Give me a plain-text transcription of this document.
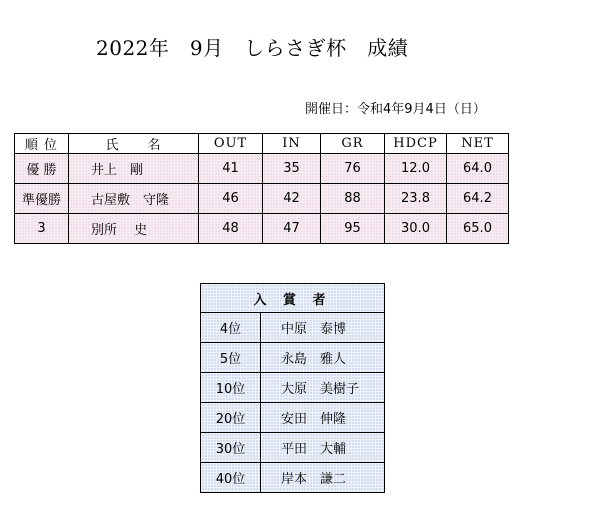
2022年　9月　しらさぎ杯　成績
開催日：令和4年9月4日（日）
順 位	氏　　名	OUT	IN	GR	HDCP	NET
優 勝	井上　剛	41	35	76	12.0	64.0
準優勝	古屋敷　守隆	46	42	88	23.8	64.2
3	別所　 史	48	47	95	30.0	65.0
入 賞 者	
4位	中原　泰博
5位	永島　雅人
10位	大原　美樹子
20位	安田　伸隆
30位	平田　大輔
40位	岸本　謙二
